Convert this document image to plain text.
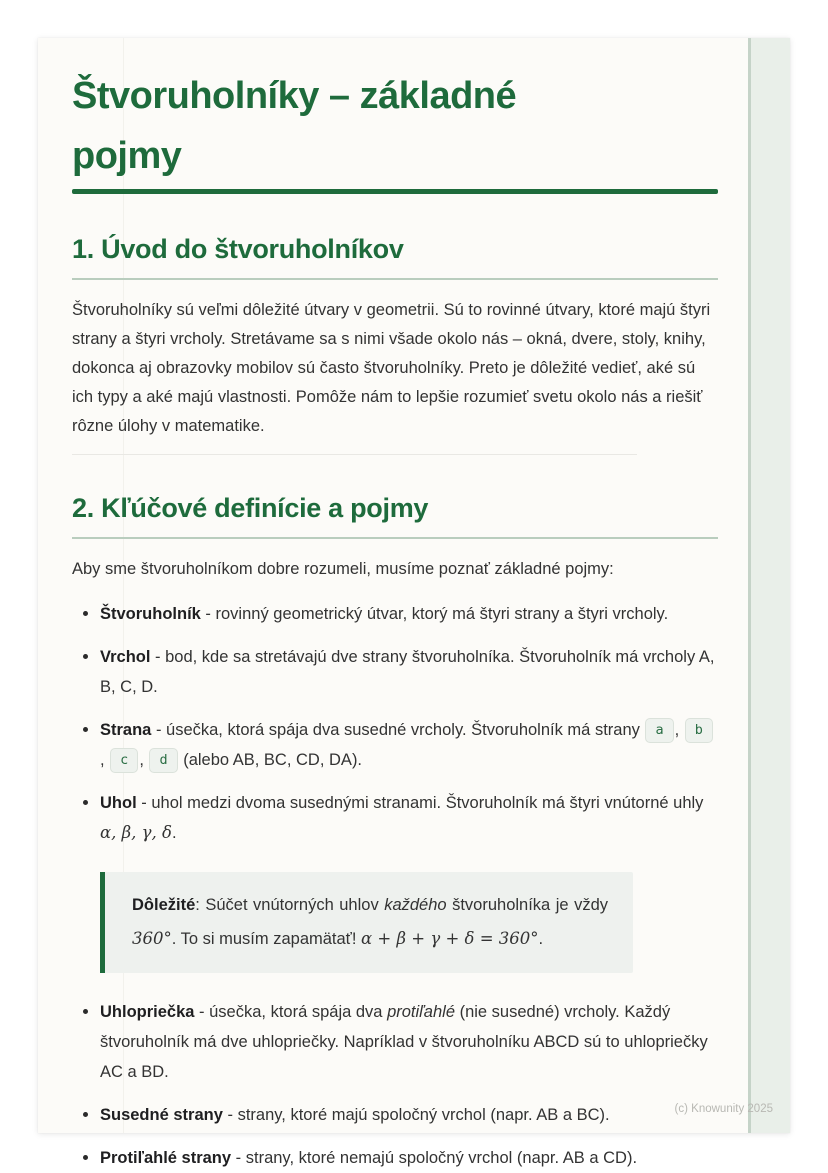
Štvoruholníky – základné
pojmy
1. Úvod do štvoruholníkov

Štvoruholníky sú veľmi dôležité útvary v geometrii. Sú to rovinné útvary, ktoré majú štyri strany a štyri vrcholy. Stretávame sa s nimi všade okolo nás – okná, dvere, stoly, knihy, dokonca aj obrazovky mobilov sú často štvoruholníky. Preto je dôležité vedieť, aké sú ich typy a aké majú vlastnosti. Pomôže nám to lepšie rozumieť svetu okolo nás a riešiť rôzne úlohy v matematike.

2. Kľúčové definície a pojmy

Aby sme štvoruholníkom dobre rozumeli, musíme poznať základné pojmy:

Štvoruholník - rovinný geometrický útvar, ktorý má štyri strany a štyri vrcholy.
Vrchol - bod, kde sa stretávajú dve strany štvoruholníka. Štvoruholník má vrcholy A, B, C, D.
Strana - úsečka, ktorá spája dva susedné vrcholy. Štvoruholník má strany a , b, c , d (alebo AB, BC, CD, DA).
Uhol - uhol medzi dvoma susednými stranami. Štvoruholník má štyri vnútorné uhly α, β, γ, δ.
Dôležité: Súčet vnútorných uhlov každého štvoruholníka je vždy 360°. To si musím zapamätať! α + β + γ + δ = 360°.
Uhlopriečka - úsečka, ktorá spája dva protiľahlé (nie susedné) vrcholy. Každý štvoruholník má dve uhlopriečky. Napríklad v štvoruholníku ABCD sú to uhlopriečky AC a BD.
Susedné strany - strany, ktoré majú spoločný vrchol (napr. AB a BC).
Protiľahlé strany - strany, ktoré nemajú spoločný vrchol (napr. AB a CD).
(c) Knowunity 2025
